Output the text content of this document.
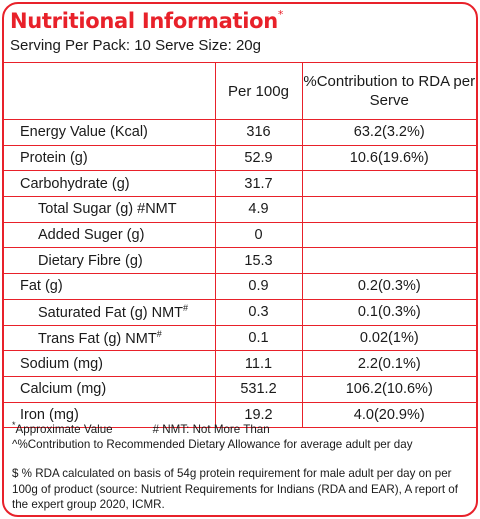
Nutritional Information*
Serving Per Pack: 10 Serve Size: 20g
	Per 100g	%Contribution to RDA per Serve
Energy Value (Kcal)	316	63.2(3.2%)
Protein (g)	52.9	10.6(19.6%)
Carbohydrate (g)	31.7	
Total Sugar (g) #NMT	4.9	
Added Suger (g)	0	
Dietary Fibre (g)	15.3	
Fat (g)	0.9	0.2(0.3%)
Saturated Fat (g) NMT#	0.3	0.1(0.3%)
Trans Fat (g) NMT#	0.1	0.02(1%)
Sodium (mg)	11.1	2.2(0.1%)
Calcium (mg)	531.2	106.2(10.6%)
Iron (mg)	19.2	4.0(20.9%)
*Approximate Value	# NMT: Not More Than
^%Contribution to Recommended Dietary Allowance for average adult per day
$ % RDA calculated on basis of 54g protein requirement for male adult per day on per 100g of product (source: Nutrient Requirements for Indians (RDA and EAR), A report of the expert group 2020, ICMR.
